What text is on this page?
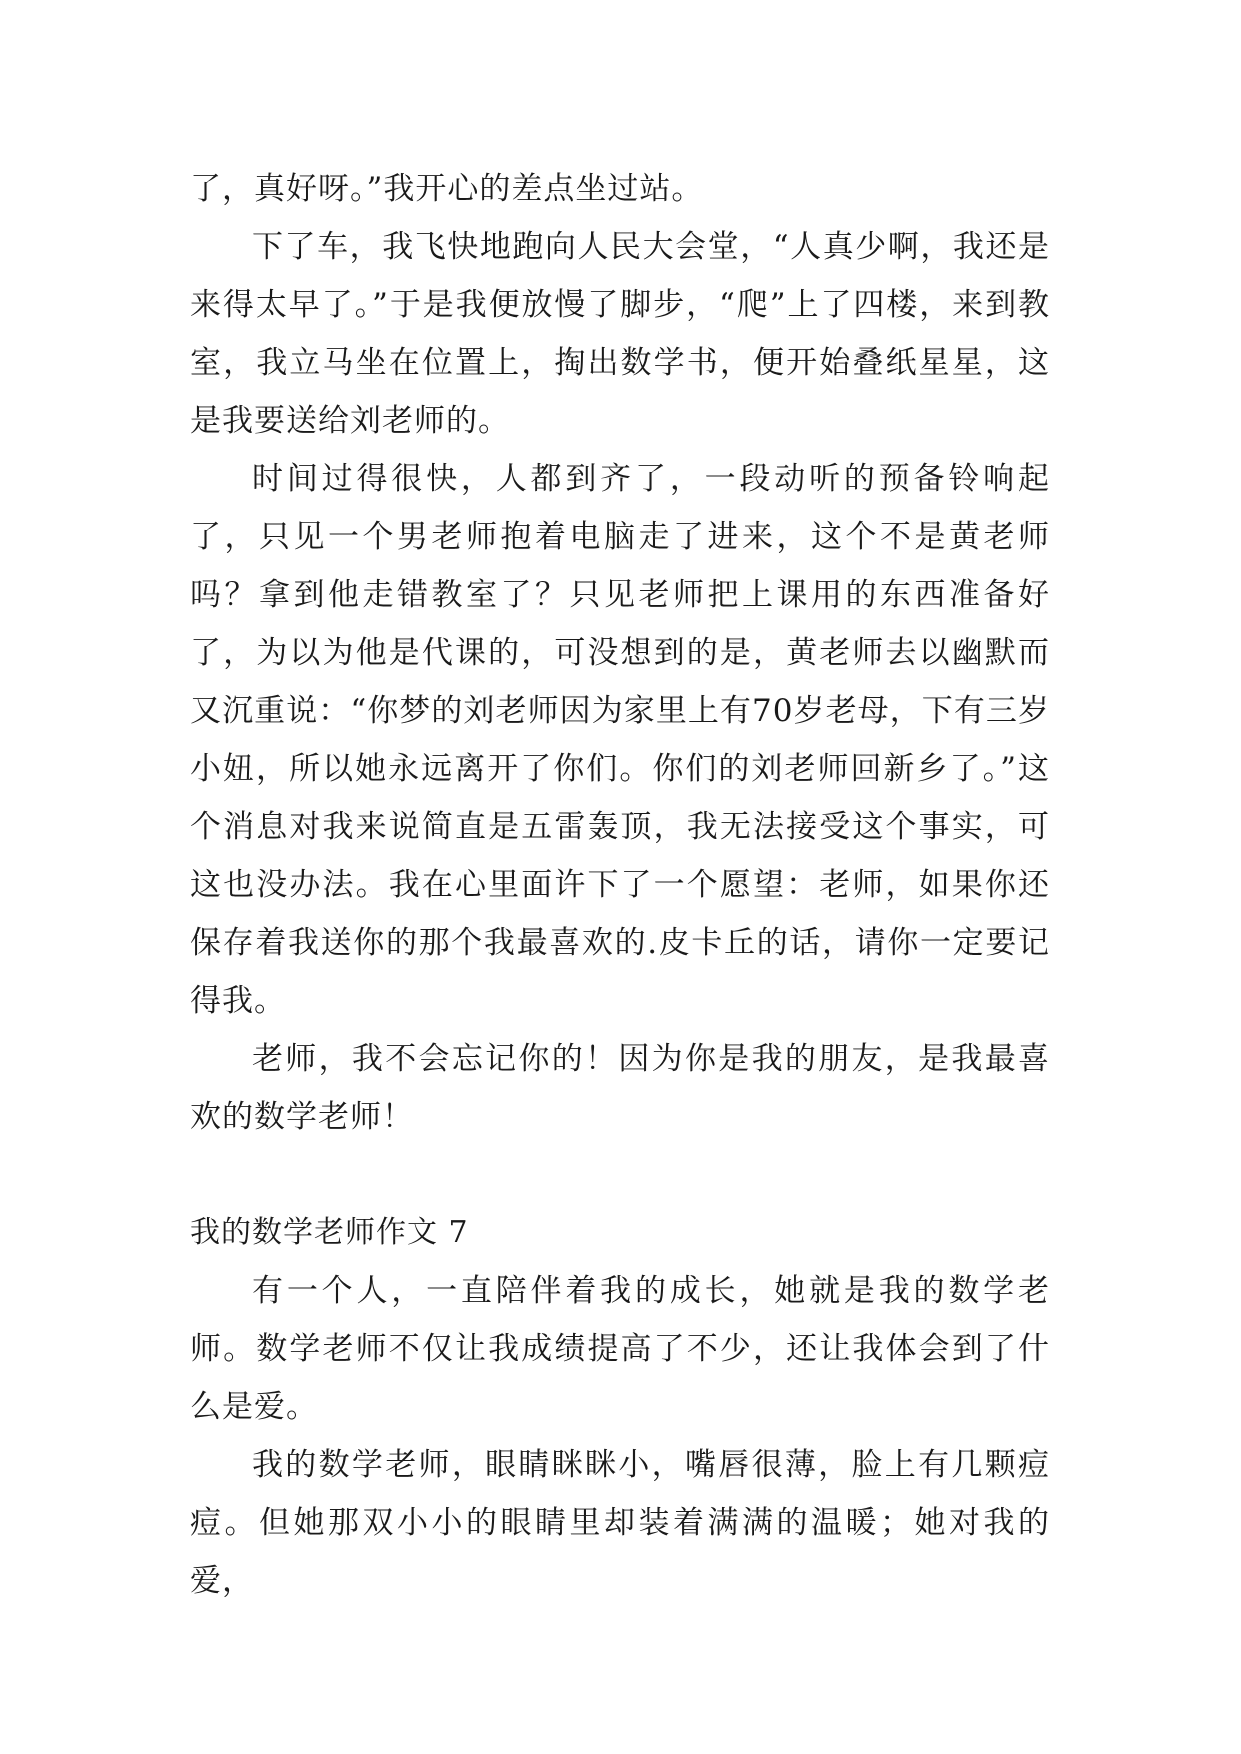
了，真好呀。”我开心的差点坐过站。

下了车，我飞快地跑向人民大会堂，“人真少啊，我还是来得太早了。”于是我便放慢了脚步，“爬”上了四楼，来到教室，我立马坐在位置上，掏出数学书，便开始叠纸星星，这是我要送给刘老师的。

时间过得很快，人都到齐了，一段动听的预备铃响起了，只见一个男老师抱着电脑走了进来，这个不是黄老师吗？拿到他走错教室了？只见老师把上课用的东西准备好了，为以为他是代课的，可没想到的是，黄老师去以幽默而又沉重说：“你梦的刘老师因为家里上有70岁老母，下有三岁小妞，所以她永远离开了你们。你们的刘老师回新乡了。”这个消息对我来说简直是五雷轰顶，我无法接受这个事实，可这也没办法。我在心里面许下了一个愿望：老师，如果你还保存着我送你的那个我最喜欢的.皮卡丘的话，请你一定要记得我。

老师，我不会忘记你的！因为你是我的朋友，是我最喜欢的数学老师！

我的数学老师作文 7

有一个人，一直陪伴着我的成长，她就是我的数学老师。数学老师不仅让我成绩提高了不少，还让我体会到了什么是爱。

我的数学老师，眼睛眯眯小，嘴唇很薄，脸上有几颗痘痘。但她那双小小的眼睛里却装着满满的温暖；她对我的爱，
